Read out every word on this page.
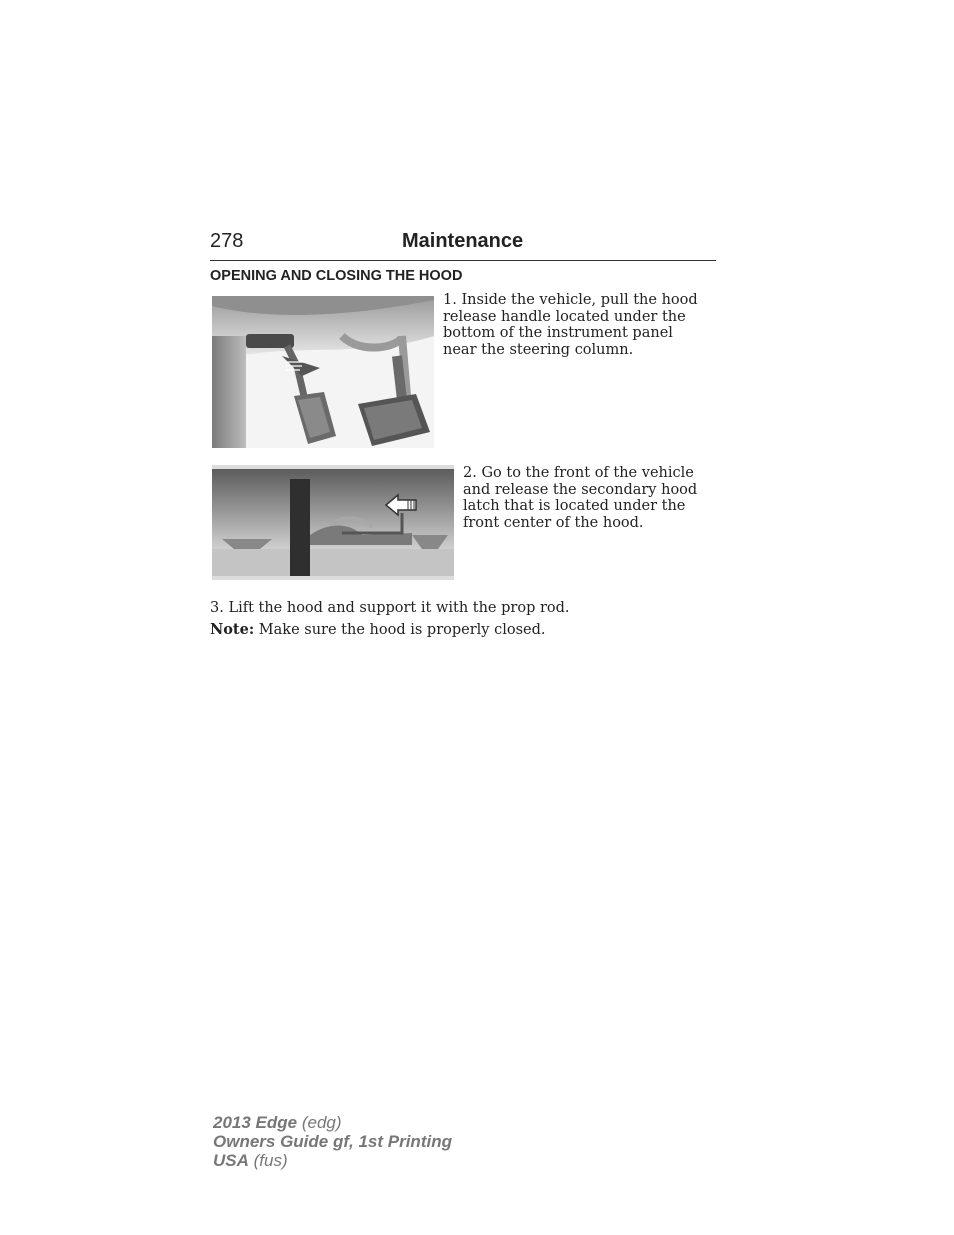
278	Maintenance
OPENING AND CLOSING THE HOOD
1. Inside the vehicle, pull the hood release handle located under the bottom of the instrument panel near the steering column.
2. Go to the front of the vehicle and release the secondary hood latch that is located under the front center of the hood.
3. Lift the hood and support it with the prop rod.
Note: Make sure the hood is properly closed.
2013 Edge (edg)
Owners Guide gf, 1st Printing
USA (fus)
